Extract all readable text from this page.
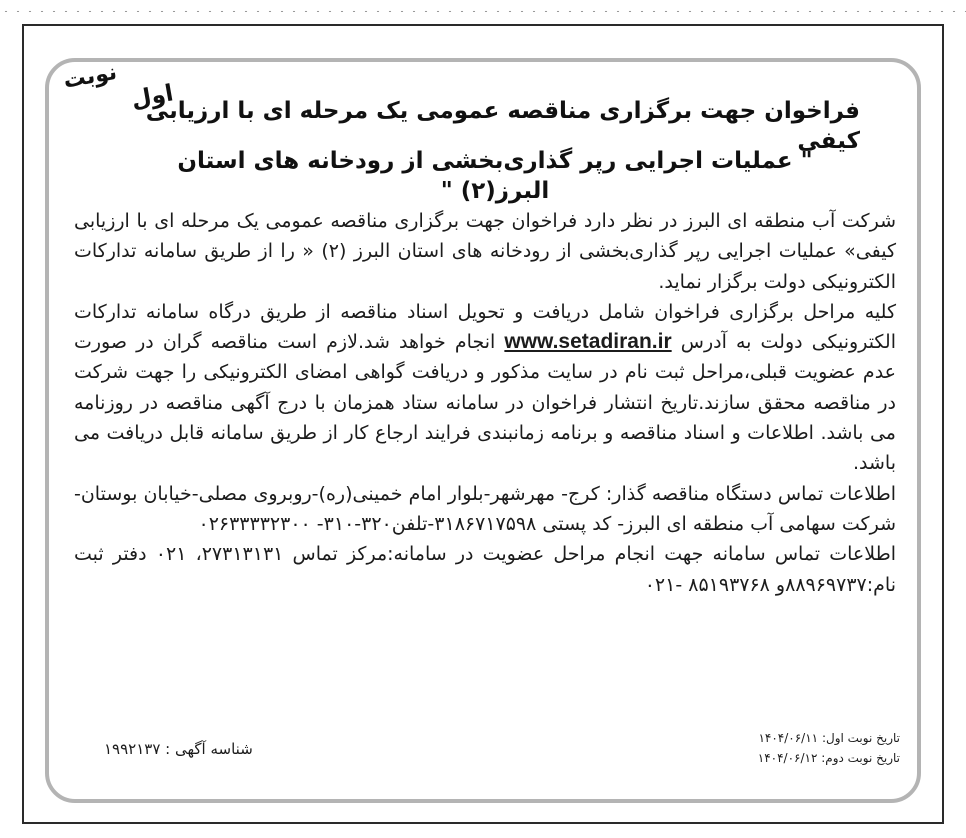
نوبت
اول
فراخوان جهت برگزاری مناقصه عمومی یک مرحله ای با ارزیابی کیفی
" عملیات اجرایی رپر گذاری‌بخشی از رودخانه های استان البرز(۲) "

شرکت آب منطقه ای البرز در نظر دارد فراخوان جهت برگزاری مناقصه عمومی یک مرحله ای با ارزیابی کیفی» عملیات اجرایی رپر گذاری‌بخشی از رودخانه های استان البرز (۲) « را از طریق سامانه تدارکات الکترونیکی دولت برگزار نماید.

کلیه مراحل برگزاری فراخوان شامل دریافت و تحویل اسناد مناقصه از طریق درگاه سامانه تدارکات الکترونیکی دولت به آدرس www.setadiran.ir انجام خواهد شد.لازم است مناقصه گران در صورت عدم عضویت قبلی،مراحل ثبت نام در سایت مذکور و دریافت گواهی امضای الکترونیکی را جهت شرکت در مناقصه محقق سازند.تاریخ انتشار فراخوان در سامانه ستاد همزمان با درج آگهی مناقصه در روزنامه می باشد. اطلاعات و اسناد مناقصه و برنامه زمانبندی فرایند ارجاع کار از طریق سامانه قابل دریافت می باشد.

اطلاعات تماس دستگاه مناقصه گذار: کرج- مهرشهر-بلوار امام خمینی(ره)-روبروی مصلی-خیابان بوستان- شرکت سهامی آب منطقه ای البرز- کد پستی ۳۱۸۶۷۱۷۵۹۸-تلفن۳۲۰-۳۱۰- ۰۲۶۳۳۳۳۲۳۰۰

اطلاعات تماس سامانه جهت انجام مراحل عضویت در سامانه:مرکز تماس ۲۷۳۱۳۱۳۱، ۰۲۱ دفتر ثبت نام:۸۸۹۶۹۷۳۷و ۸۵۱۹۳۷۶۸ -۰۲۱

تاریخ نوبت اول: ۱۴۰۴/۰۶/۱۱
تاریخ نوبت دوم: ۱۴۰۴/۰۶/۱۲
شناسه آگهی : ۱۹۹۲۱۳۷
